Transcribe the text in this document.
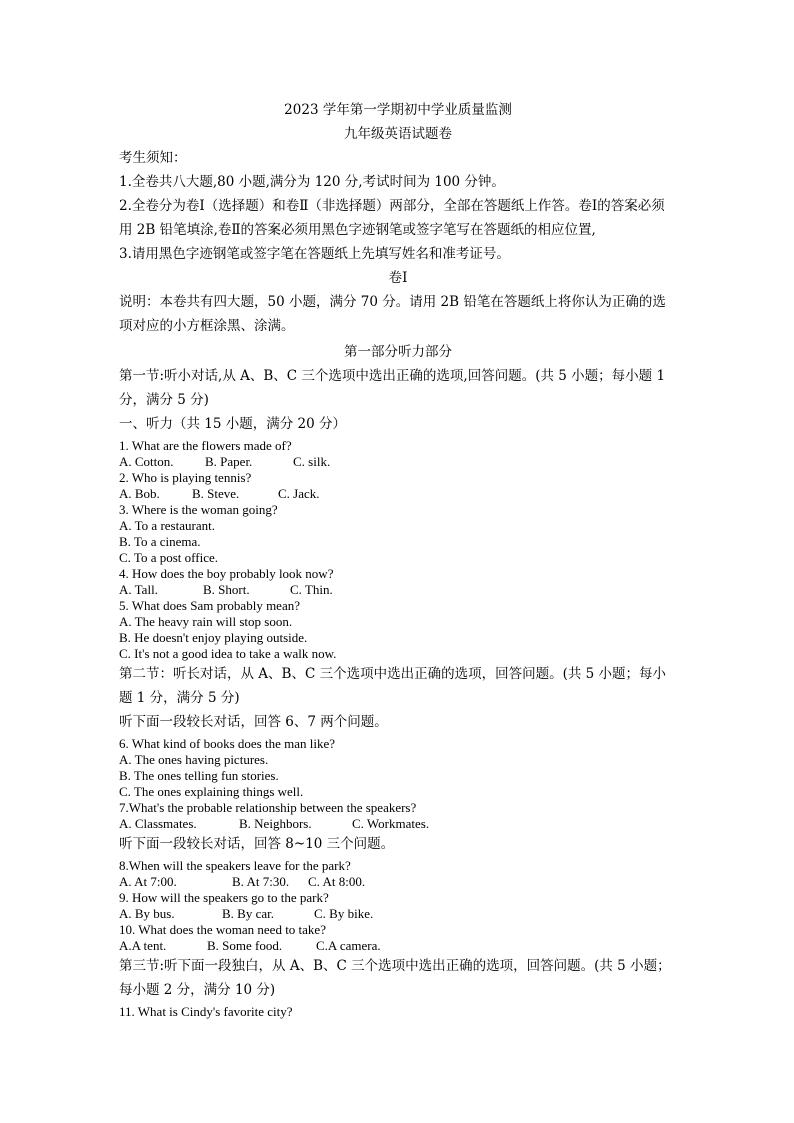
2023 学年第一学期初中学业质量监测
九年级英语试题卷
考生须知：
1.全卷共八大题,80 小题,满分为 120 分,考试时间为 100 分钟。
2.全卷分为卷Ⅰ（选择题）和卷Ⅱ（非选择题）两部分，全部在答题纸上作答。卷Ⅰ的答案必须用 2B 铅笔填涂,卷Ⅱ的答案必须用黑色字迹钢笔或签字笔写在答题纸的相应位置,
3.请用黑色字迹钢笔或签字笔在答题纸上先填写姓名和准考证号。
卷Ⅰ
说明：本卷共有四大题，50 小题，满分 70 分。请用 2B 铅笔在答题纸上将你认为正确的选项对应的小方框涂黑、涂满。
第一部分听力部分
第一节:听小对话,从 A、B、C 三个选项中选出正确的选项,回答问题。(共 5 小题；每小题 1 分，满分 5 分)
一、听力（共 15 小题，满分 20 分）
1. What are the flowers made of?
A. Cotton.	B. Paper.	C. silk.
2. Who is playing tennis?
A. Bob.	B. Steve.	C. Jack.
3. Where is the woman going?
A. To a restaurant.
B. To a cinema.
C. To a post office.
4. How does the boy probably look now?
A. Tall.	B. Short.	C. Thin.
5. What does Sam probably mean?
A. The heavy rain will stop soon.
B. He doesn't enjoy playing outside.
C. It's not a good idea to take a walk now.
第二节：听长对话，从 A、B、C 三个选项中选出正确的选项，回答问题。(共 5 小题；每小题 1 分，满分 5 分)
听下面一段较长对话，回答 6、7 两个问题。
6. What kind of books does the man like?
A. The ones having pictures.
B. The ones telling fun stories.
C. The ones explaining things well.
7.What's the probable relationship between the speakers?
A. Classmates.	B. Neighbors.	C. Workmates.
听下面一段较长对话，回答 8~10 三个问题。
8.When will the speakers leave for the park?
A. At 7:00.	B. At 7:30.	C. At 8:00.
9. How will the speakers go to the park?
A. By bus.	B. By car.	C. By bike.
10. What does the woman need to take?
A.A tent.	B. Some food.	C.A camera.
第三节:听下面一段独白，从 A、B、C 三个选项中选出正确的选项，回答问题。(共 5 小题；每小题 2 分，满分 10 分)
11. What is Cindy's favorite city?
